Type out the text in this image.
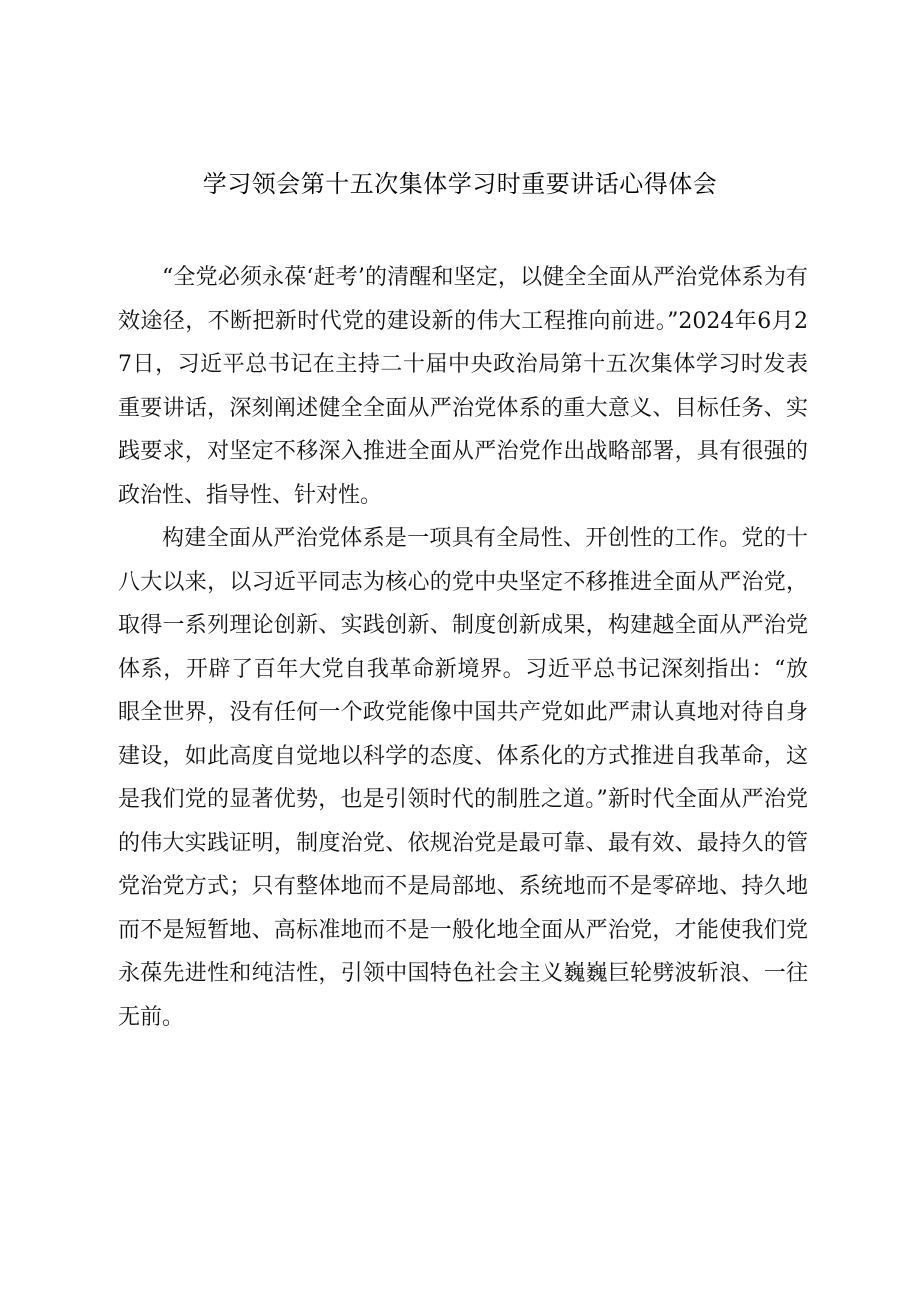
学习领会第十五次集体学习时重要讲话心得体会

“全党必须永葆‘赶考’的清醒和坚定，以健全全面从严治党体系为有效途径，不断把新时代党的建设新的伟大工程推向前进。”2024年6月27日，习近平总书记在主持二十届中央政治局第十五次集体学习时发表重要讲话，深刻阐述健全全面从严治党体系的重大意义、目标任务、实践要求，对坚定不移深入推进全面从严治党作出战略部署，具有很强的政治性、指导性、针对性。

构建全面从严治党体系是一项具有全局性、开创性的工作。党的十八大以来，以习近平同志为核心的党中央坚定不移推进全面从严治党，取得一系列理论创新、实践创新、制度创新成果，构建越全面从严治党体系，开辟了百年大党自我革命新境界。习近平总书记深刻指出：“放眼全世界，没有任何一个政党能像中国共产党如此严肃认真地对待自身建设，如此高度自觉地以科学的态度、体系化的方式推进自我革命，这是我们党的显著优势，也是引领时代的制胜之道。”新时代全面从严治党的伟大实践证明，制度治党、依规治党是最可靠、最有效、最持久的管党治党方式；只有整体地而不是局部地、系统地而不是零碎地、持久地而不是短暂地、高标准地而不是一般化地全面从严治党，才能使我们党永葆先进性和纯洁性，引领中国特色社会主义巍巍巨轮劈波斩浪、一往无前。
